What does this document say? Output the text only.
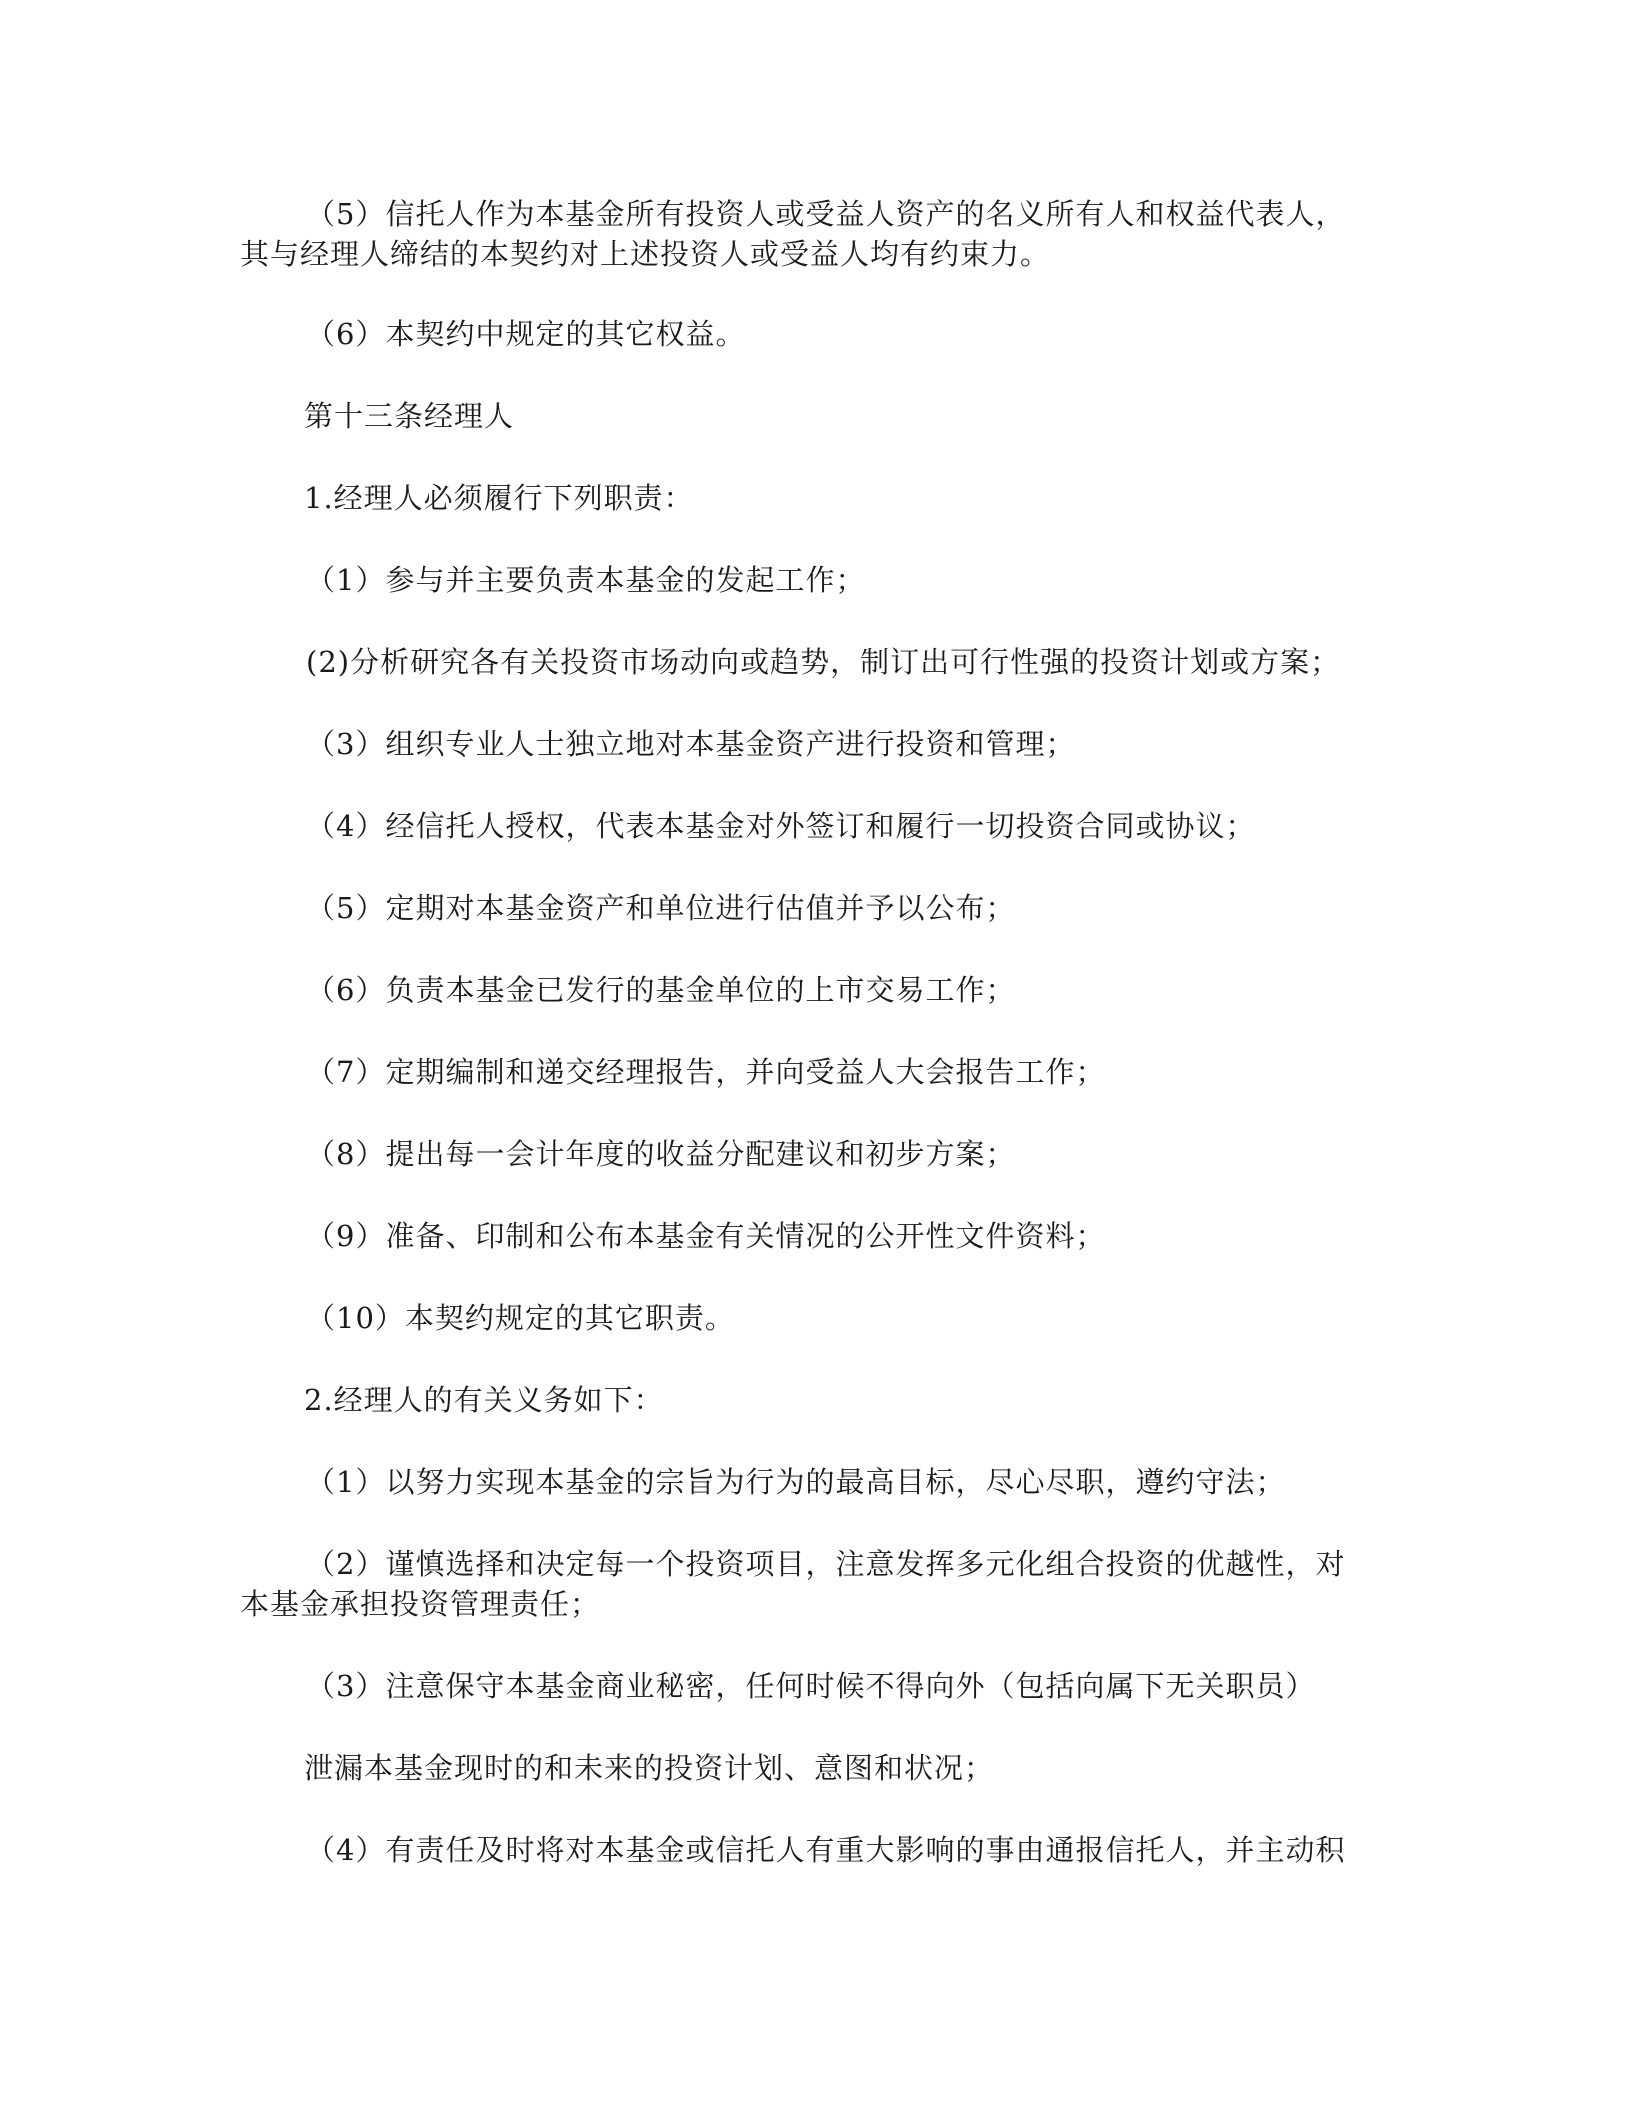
（5）信托人作为本基金所有投资人或受益人资产的名义所有人和权益代表人，
其与经理人缔结的本契约对上述投资人或受益人均有约束力。
（6）本契约中规定的其它权益。
第十三条经理人
1.经理人必须履行下列职责：
（1）参与并主要负责本基金的发起工作；
(2)分析研究各有关投资市场动向或趋势，制订出可行性强的投资计划或方案；
（3）组织专业人士独立地对本基金资产进行投资和管理；
（4）经信托人授权，代表本基金对外签订和履行一切投资合同或协议；
（5）定期对本基金资产和单位进行估值并予以公布；
（6）负责本基金已发行的基金单位的上市交易工作；
（7）定期编制和递交经理报告，并向受益人大会报告工作；
（8）提出每一会计年度的收益分配建议和初步方案；
（9）准备、印制和公布本基金有关情况的公开性文件资料；
（10）本契约规定的其它职责。
2.经理人的有关义务如下：
（1）以努力实现本基金的宗旨为行为的最高目标，尽心尽职，遵约守法；
（2）谨慎选择和决定每一个投资项目，注意发挥多元化组合投资的优越性，对
本基金承担投资管理责任；
（3）注意保守本基金商业秘密，任何时候不得向外（包括向属下无关职员）
泄漏本基金现时的和未来的投资计划、意图和状况；
（4）有责任及时将对本基金或信托人有重大影响的事由通报信托人，并主动积
